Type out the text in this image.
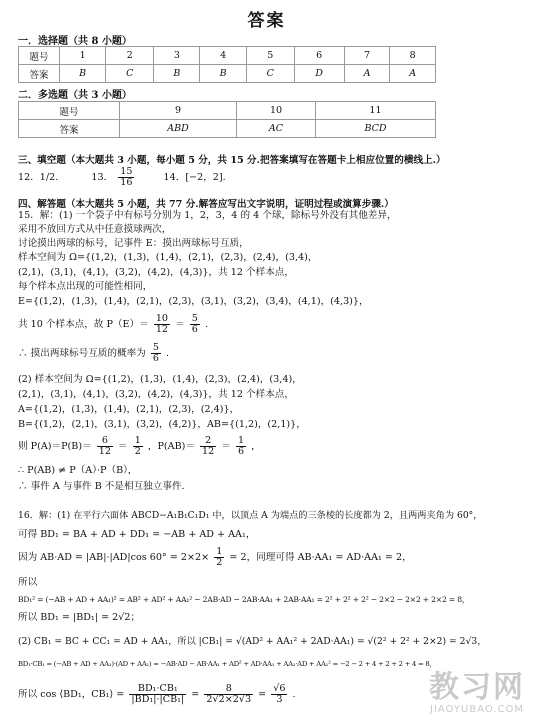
答案
一．选择题（共 8 小题）
题号	1	2	3	4	5	6	7	8
答案	B	C	B	B	C	D	A	A
二．多选题（共 3 小题）
题号	9	10	11
答案	ABD	AC	BCD
三、填空题（本大题共 3 小题，每小题 5 分，共 15 分.把答案填写在答题卡上相应位置的横线上.）
12．1/2.	13． $\frac{15}{16}$	14．[−2，2]．
四、解答题（本大题共 5 小题，共 77 分.解答应写出文字说明，证明过程或演算步骤.）
15．解：(1) 一个袋子中有标号分别为 1，2，3，4 的 4 个球，除标号外没有其他差异，
采用不放回方式从中任意摸球两次，
讨论摸出两球的标号，记事件 E：摸出两球标号互质，
样本空间为 Ω={(1,2)，(1,3)，(1,4)，(2,1)，(2,3)，(2,4)，(3,4)，
(2,1)，(3,1)，(4,1)，(3,2)，(4,2)，(4,3)}，共 12 个样本点，
每个样本点出现的可能性相同，
E={(1,2)，(1,3)，(1,4)，(2,1)，(2,3)，(3,1)，(3,2)，(3,4)，(4,1)，(4,3)}，
共 10 个样本点，故 $P(E)= \frac{10}{12} = \frac{5}{6}$ .
∴ 摸出两球标号互质的概率为 $\frac{5}{6}$ .
(2) 样本空间为 Ω={(1,2)，(1,3)，(1,4)，(2,3)，(2,4)，(3,4)，
(2,1)，(3,1)，(4,1)，(3,2)，(4,2)，(4,3)}，共 12 个样本点，
A={(1,2)，(1,3)，(1,4)，(2,1)，(2,3)，(2,4)}，
B={(1,2)，(2,1)，(3,1)，(3,2)，(4,2)}，AB={(1,2)，(2,1)}，
则 $P(A)=P(B)= \frac{6}{12} = \frac{1}{2}$ ，$P(AB)= \frac{2}{12} = \frac{1}{6}$ ，
∴ P(AB) ≠ P（A）·P（B），
∴ 事件 A 与事件 B 不是相互独立事件.
16．解：(1) 在平行六面体 ABCD−A₁B₁C₁D₁ 中，以顶点 A 为端点的三条棱的长度都为 2，且两两夹角为 60°，
可得 BD₁ = BA + AD + DD₁ = −AB + AD + AA₁，
因为 AB·AD = |AB|·|AD|cos $60^\circ = 2\times 2\times \frac{1}{2} = 2$，同理可得 AB·AA₁ = AD·AA₁ = 2，
所以
BD₁² = (−AB + AD + AA₁)² = AB² + AD² + AA₁² − 2AB·AD − 2AB·AA₁ + 2AB·AA₁ = 2² + 2² + 2² − 2×2 − 2×2 + 2×2 = 8，
所以 BD₁ = |BD₁| = 2√2；
(2) CB₁ = BC + CC₁ = AD + AA₁，所以 |CB₁| = √(AD² + AA₁² + 2AD·AA₁) = √(2² + 2² + 2×2) = 2√3，
BD₁·CB₁ = (−AB + AD + AA₁)·(AD + AA₁) = −AB·AD − AB·AA₁ + AD² + AD·AA₁ + AA₁·AD + AA₁² = −2 − 2 + 4 + 2 + 2 + 4 = 8，
所以 cos ⟨BD₁，CB₁⟩ = $\frac{\text{BD₁·CB₁}}{\text{|BD₁|·|CB₁|}} = \frac{8}{2√2\times 2√3} = \frac{√6}{3}$ .	教习网
JIAOYUBAO.COM
